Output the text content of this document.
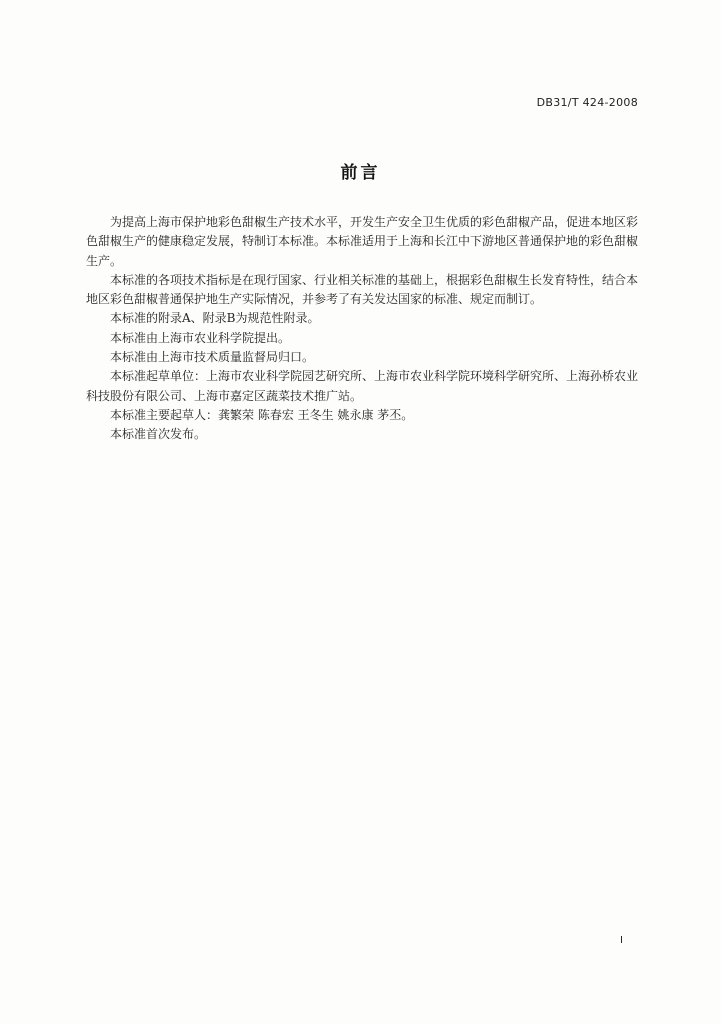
DB31/T 424-2008
前言

为提高上海市保护地彩色甜椒生产技术水平，开发生产安全卫生优质的彩色甜椒产品，促进本地区彩色甜椒生产的健康稳定发展，特制订本标准。本标准适用于上海和长江中下游地区普通保护地的彩色甜椒生产。

本标准的各项技术指标是在现行国家、行业相关标准的基础上，根据彩色甜椒生长发育特性，结合本地区彩色甜椒普通保护地生产实际情况，并参考了有关发达国家的标准、规定而制订。

本标准的附录A、附录B为规范性附录。

本标准由上海市农业科学院提出。

本标准由上海市技术质量监督局归口。

本标准起草单位：上海市农业科学院园艺研究所、上海市农业科学院环境科学研究所、上海孙桥农业科技股份有限公司、上海市嘉定区蔬菜技术推广站。

本标准主要起草人：龚繁荣 陈春宏 王冬生 姚永康 茅丕。

本标准首次发布。

I
